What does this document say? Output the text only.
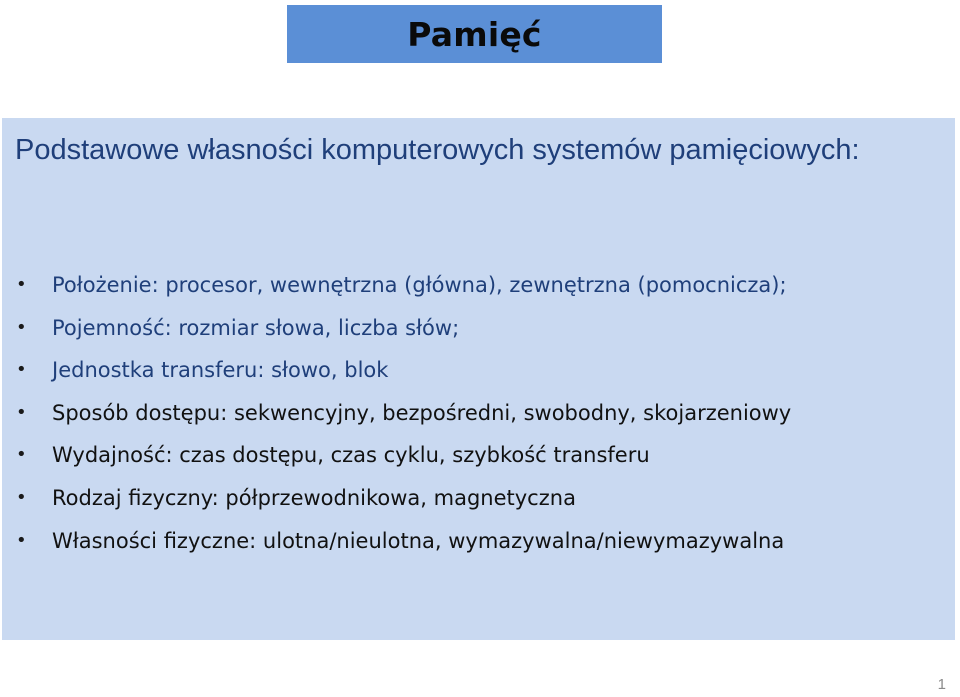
Pamięć
Podstawowe własności komputerowych systemów pamięciowych:
• Położenie: procesor, wewnętrzna (główna), zewnętrzna (pomocnicza);
• Pojemność: rozmiar słowa, liczba słów;
• Jednostka transferu: słowo, blok
• Sposób dostępu: sekwencyjny, bezpośredni, swobodny, skojarzeniowy
• Wydajność: czas dostępu, czas cyklu, szybkość transferu
• Rodzaj fizyczny: półprzewodnikowa, magnetyczna
• Własności fizyczne: ulotna/nieulotna, wymazywalna/niewymazywalna
1
